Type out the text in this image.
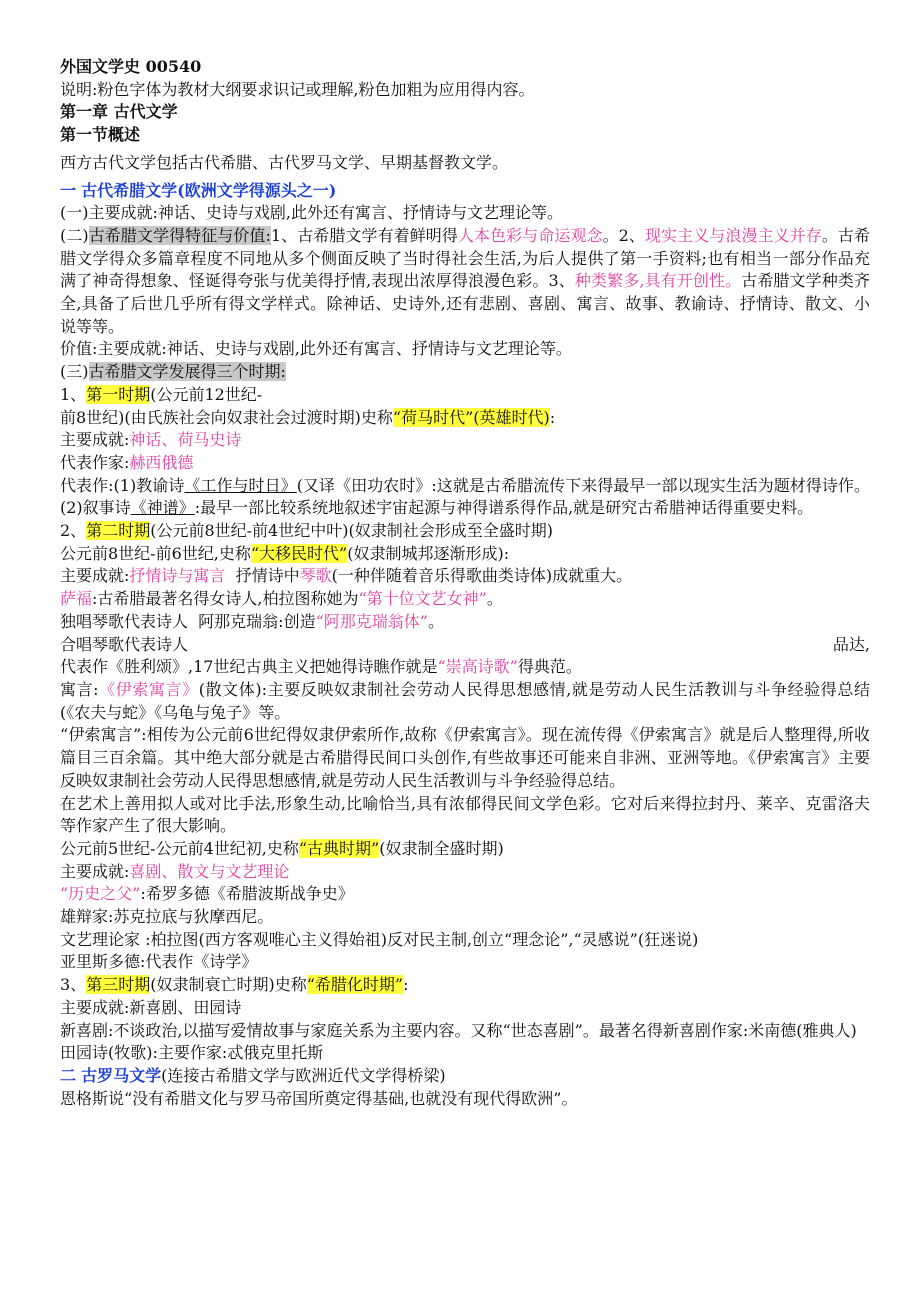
外国文学史 00540
说明:粉色字体为教材大纲要求识记或理解,粉色加粗为应用得内容。
第一章 古代文学
第一节概述
西方古代文学包括古代希腊、古代罗马文学、早期基督教文学。
一 古代希腊文学(欧洲文学得源头之一)
(一)主要成就:神话、史诗与戏剧,此外还有寓言、抒情诗与文艺理论等。
(二)古希腊文学得特征与价值:1、古希腊文学有着鲜明得人本色彩与命运观念。2、现实主义与浪漫主义并存。古希腊文学得众多篇章程度不同地从多个侧面反映了当时得社会生活,为后人提供了第一手资料;也有相当一部分作品充满了神奇得想象、怪诞得夸张与优美得抒情,表现出浓厚得浪漫色彩。3、种类繁多,具有开创性。古希腊文学种类齐全,具备了后世几乎所有得文学样式。除神话、史诗外,还有悲剧、喜剧、寓言、故事、教谕诗、抒情诗、散文、小说等等。
价值:主要成就:神话、史诗与戏剧,此外还有寓言、抒情诗与文艺理论等。
(三)古希腊文学发展得三个时期:
1、第一时期(公元前12世纪-
前8世纪)(由氏族社会向奴隶社会过渡时期)史称“荷马时代”(英雄时代):
主要成就:神话、荷马史诗
代表作家:赫西俄德
代表作:(1)教谕诗《工作与时日》(又译《田功农时》:这就是古希腊流传下来得最早一部以现实生活为题材得诗作。(2)叙事诗《神谱》:最早一部比较系统地叙述宇宙起源与神得谱系得作品,就是研究古希腊神话得重要史料。
2、第二时期(公元前8世纪-前4世纪中叶)(奴隶制社会形成至全盛时期)
公元前8世纪-前6世纪,史称“大移民时代”(奴隶制城邦逐渐形成):
主要成就:抒情诗与寓言  抒情诗中琴歌(一种伴随着音乐得歌曲类诗体)成就重大。
萨福:古希腊最著名得女诗人,柏拉图称她为“第十位文艺女神”。
独唱琴歌代表诗人  阿那克瑞翁:创造“阿那克瑞翁体”。
合唱琴歌代表诗人	品达,
代表作《胜利颂》,17世纪古典主义把她得诗瞧作就是“崇高诗歌”得典范。
寓言:《伊索寓言》(散文体):主要反映奴隶制社会劳动人民得思想感情,就是劳动人民生活教训与斗争经验得总结(《农夫与蛇》《乌龟与兔子》等。
“伊索寓言”:相传为公元前6世纪得奴隶伊索所作,故称《伊索寓言》。现在流传得《伊索寓言》就是后人整理得,所收篇目三百余篇。其中绝大部分就是古希腊得民间口头创作,有些故事还可能来自非洲、亚洲等地。《伊索寓言》主要反映奴隶制社会劳动人民得思想感情,就是劳动人民生活教训与斗争经验得总结。
在艺术上善用拟人或对比手法,形象生动,比喻恰当,具有浓郁得民间文学色彩。它对后来得拉封丹、莱辛、克雷洛夫等作家产生了很大影响。
公元前5世纪-公元前4世纪初,史称“古典时期”(奴隶制全盛时期)
主要成就:喜剧、散文与文艺理论
“历史之父”:希罗多德《希腊波斯战争史》
雄辩家:苏克拉底与狄摩西尼。
文艺理论家 :柏拉图(西方客观唯心主义得始祖)反对民主制,创立“理念论”,“灵感说”(狂迷说)
亚里斯多德:代表作《诗学》
3、第三时期(奴隶制衰亡时期)史称“希腊化时期”:
主要成就:新喜剧、田园诗
新喜剧:不谈政治,以描写爱情故事与家庭关系为主要内容。又称“世态喜剧”。最著名得新喜剧作家:米南德(雅典人)
田园诗(牧歌):主要作家:忒俄克里托斯
二 古罗马文学(连接古希腊文学与欧洲近代文学得桥梁)
恩格斯说“没有希腊文化与罗马帝国所奠定得基础,也就没有现代得欧洲”。
